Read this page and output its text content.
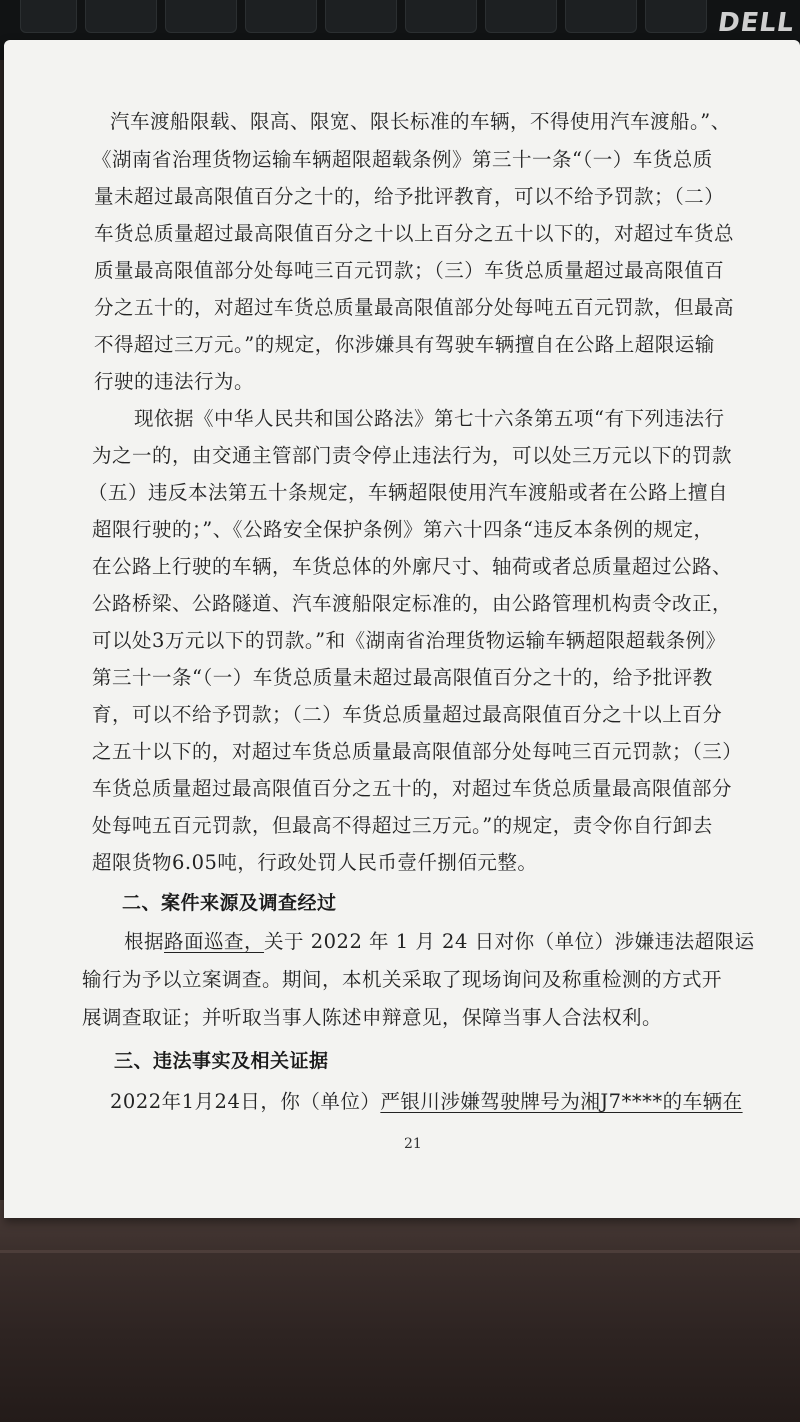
DELL
汽车渡船限载、限高、限宽、限长标准的车辆，不得使用汽车渡船。”、
《湖南省治理货物运输车辆超限超载条例》第三十一条“（一）车货总质
量未超过最高限值百分之十的，给予批评教育，可以不给予罚款；（二）
车货总质量超过最高限值百分之十以上百分之五十以下的，对超过车货总
质量最高限值部分处每吨三百元罚款；（三）车货总质量超过最高限值百
分之五十的，对超过车货总质量最高限值部分处每吨五百元罚款，但最高
不得超过三万元。”的规定，你涉嫌具有驾驶车辆擅自在公路上超限运输
行驶的违法行为。
现依据《中华人民共和国公路法》第七十六条第五项“有下列违法行
为之一的，由交通主管部门责令停止违法行为，可以处三万元以下的罚款
（五）违反本法第五十条规定，车辆超限使用汽车渡船或者在公路上擅自
超限行驶的；”、《公路安全保护条例》第六十四条“违反本条例的规定，
在公路上行驶的车辆，车货总体的外廓尺寸、轴荷或者总质量超过公路、
公路桥梁、公路隧道、汽车渡船限定标准的，由公路管理机构责令改正，
可以处3万元以下的罚款。”和《湖南省治理货物运输车辆超限超载条例》
第三十一条“（一）车货总质量未超过最高限值百分之十的，给予批评教
育，可以不给予罚款；（二）车货总质量超过最高限值百分之十以上百分
之五十以下的，对超过车货总质量最高限值部分处每吨三百元罚款；（三）
车货总质量超过最高限值百分之五十的，对超过车货总质量最高限值部分
处每吨五百元罚款，但最高不得超过三万元。”的规定，责令你自行卸去
超限货物6.05吨，行政处罚人民币壹仟捌佰元整。
二、案件来源及调查经过
根据路面巡查，关于 2022 年 1 月 24 日对你（单位）涉嫌违法超限运
输行为予以立案调查。期间，本机关采取了现场询问及称重检测的方式开
展调查取证；并听取当事人陈述申辩意见，保障当事人合法权利。
三、违法事实及相关证据
2022年1月24日，你（单位）严银川涉嫌驾驶牌号为湘J7****的车辆在
21
